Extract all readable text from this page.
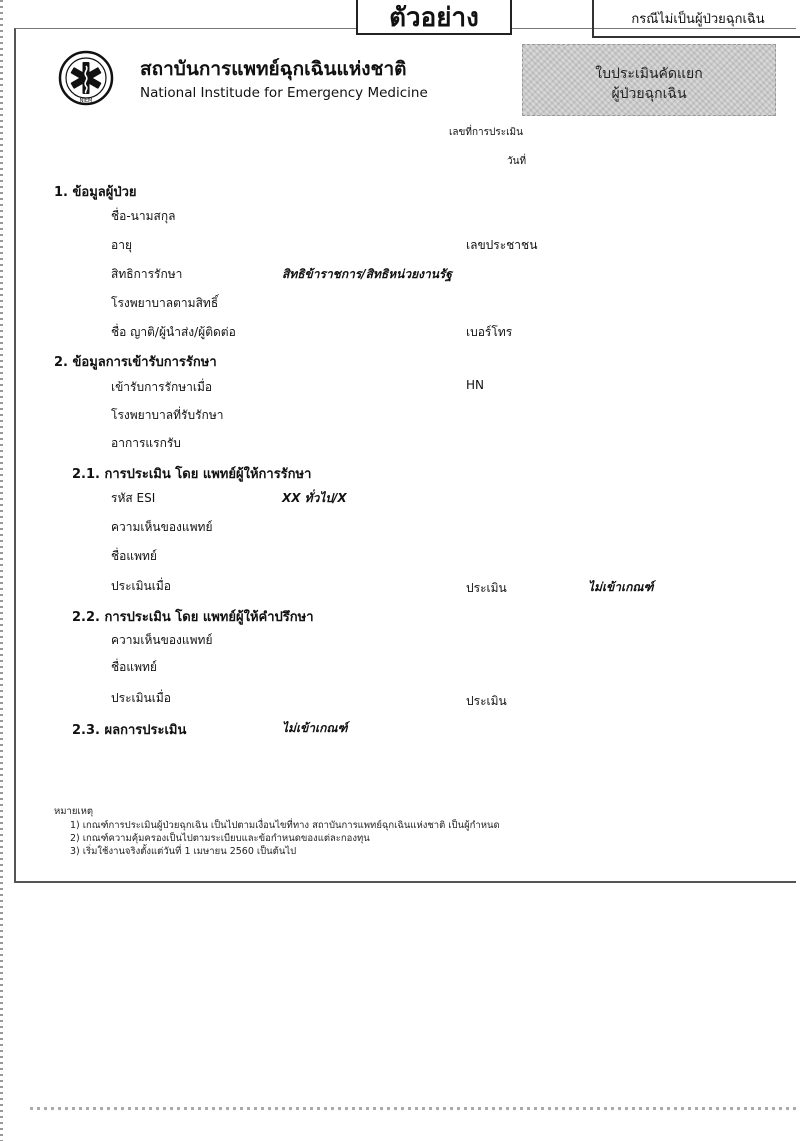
ตัวอย่าง	กรณีไม่เป็นผู้ป่วยฉุกเฉิน
NIEM
สถาบันการแพทย์ฉุกเฉินแห่งชาติ
National Institude for Emergency Medicine
ใบประเมินคัดแยก
ผู้ป่วยฉุกเฉิน
เลขที่การประเมิน
วันที่
1. ข้อมูลผู้ป่วย
ชื่อ-นามสกุล
อายุ	เลขประชาชน
สิทธิการรักษา	สิทธิข้าราชการ/สิทธิหน่วยงานรัฐ
โรงพยาบาลตามสิทธิ์
ชื่อ ญาติ/ผู้นำส่ง/ผู้ติดต่อ	เบอร์โทร
2. ข้อมูลการเข้ารับการรักษา
เข้ารับการรักษาเมื่อ	HN
โรงพยาบาลที่รับรักษา
อาการแรกรับ
2.1. การประเมิน โดย แพทย์ผู้ให้การรักษา
รหัส ESI	XX ทั่วไป/X
ความเห็นของแพทย์
ชื่อแพทย์
ประเมินเมื่อ	ประเมิน	ไม่เข้าเกณฑ์
2.2. การประเมิน โดย แพทย์ผู้ให้คำปรึกษา
ความเห็นของแพทย์
ชื่อแพทย์
ประเมินเมื่อ	ประเมิน
2.3. ผลการประเมิน	ไม่เข้าเกณฑ์
หมายเหตุ
1) เกณฑ์การประเมินผู้ป่วยฉุกเฉิน เป็นไปตามเงื่อนไขที่ทาง สถาบันการแพทย์ฉุกเฉินแห่งชาติ เป็นผู้กำหนด
2) เกณฑ์ความคุ้มครองเป็นไปตามระเบียบและข้อกำหนดของแต่ละกองทุน
3) เริ่มใช้งานจริงตั้งแต่วันที่ 1 เมษายน 2560 เป็นต้นไป
